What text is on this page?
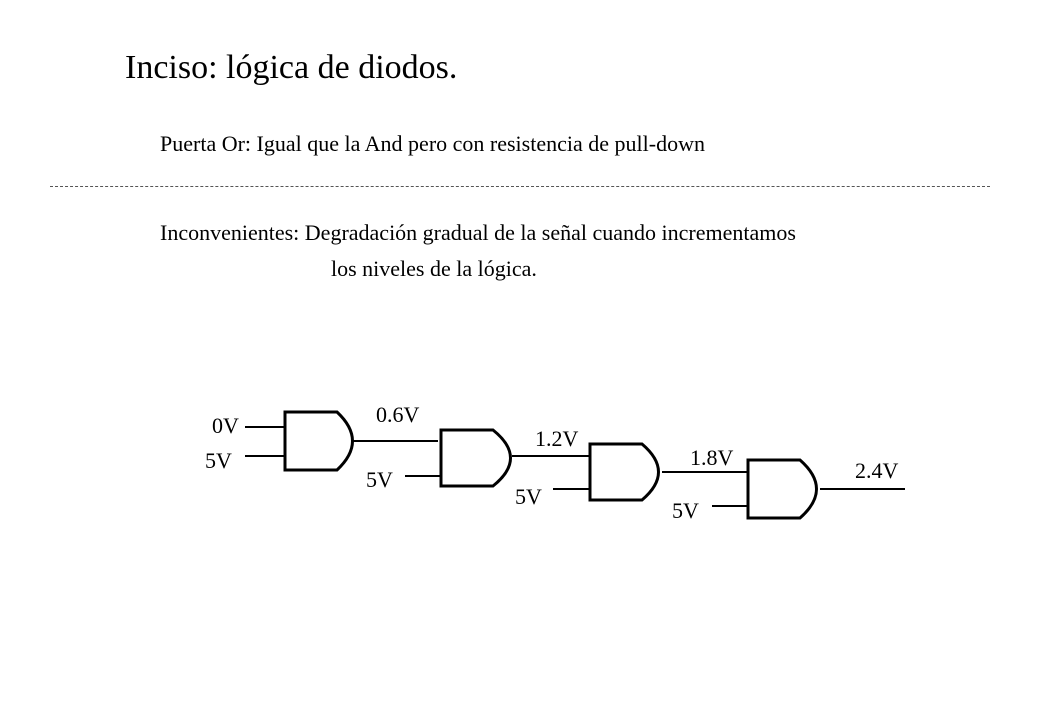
Inciso: lógica de diodos.
Puerta Or: Igual que la And pero con resistencia de pull-down
Inconvenientes: Degradación gradual de la señal cuando incrementamos
los niveles de la lógica.
0V
5V
0.6V
5V
1.2V
5V
1.8V
5V
2.4V
